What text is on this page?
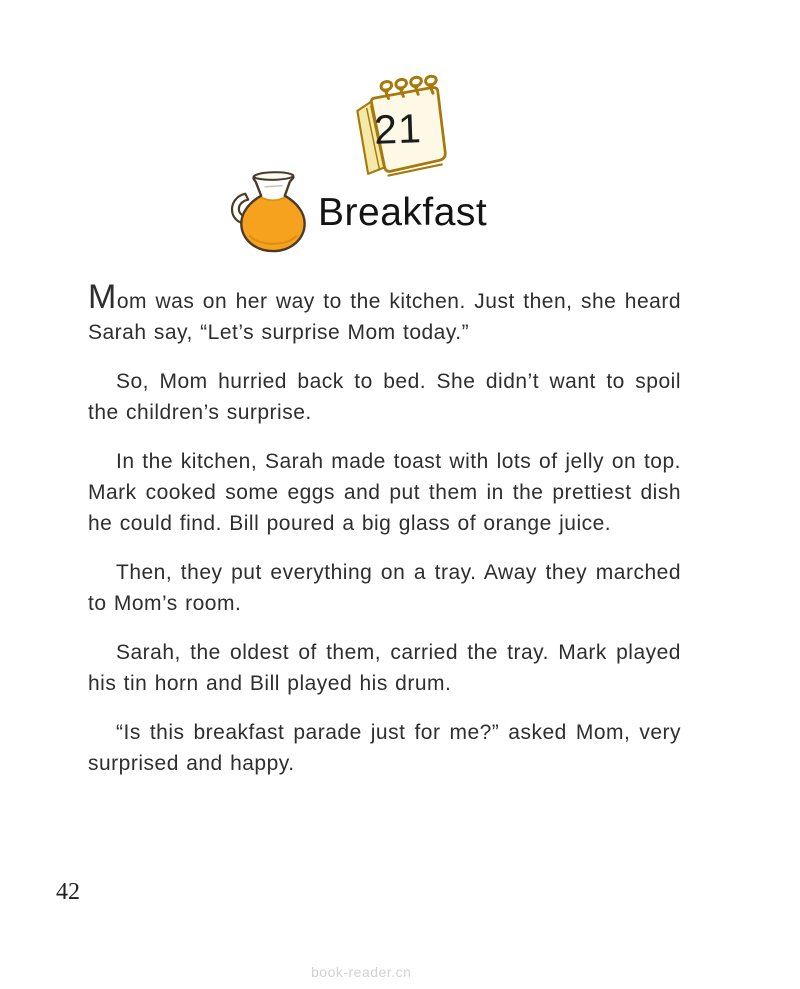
21
Breakfast

Mom was on her way to the kitchen. Just then, she heard Sarah say, “Let’s surprise Mom today.”

So, Mom hurried back to bed. She didn’t want to spoil the children’s surprise.

In the kitchen, Sarah made toast with lots of jelly on top. Mark cooked some eggs and put them in the prettiest dish he could find. Bill poured a big glass of orange juice.

Then, they put everything on a tray. Away they marched to Mom’s room.

Sarah, the oldest of them, carried the tray. Mark played his tin horn and Bill played his drum.

“Is this breakfast parade just for me?” asked Mom, very surprised and happy.

42
book-reader.cn
